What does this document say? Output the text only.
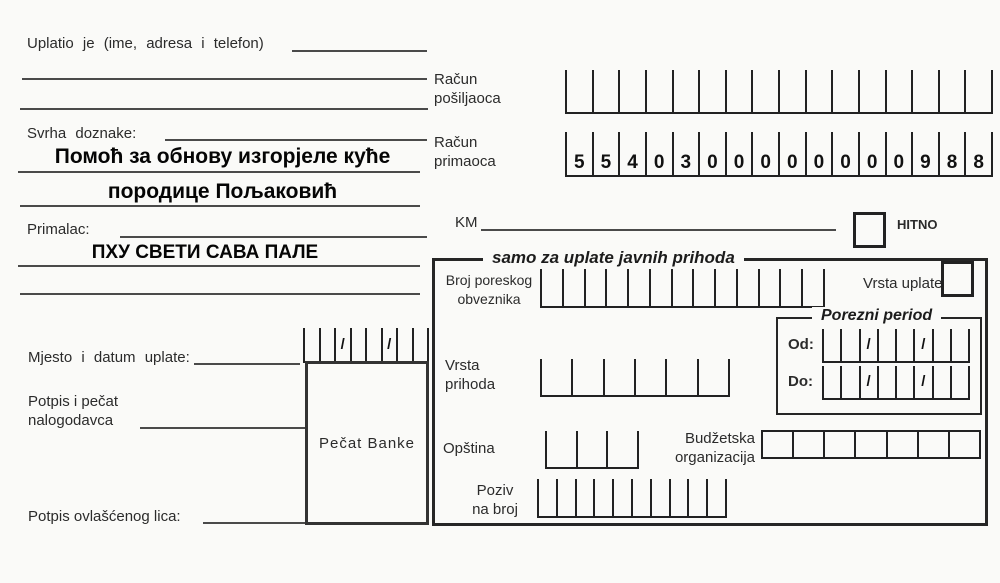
Uplatio je (ime, adresa i telefon)
Svrha doznake:
Помоћ за обнову изгорјеле куће
породице Пољаковић
Primalac:
ПХУ СВЕТИ САВА ПАЛЕ
Račun
pošiljaoca
Račun
primaoca	5 5 4 0 3 0 0 0 0 0 0 0 0 9 8 8
KM	HITNO
samo za uplate javnih prihoda
Broj poreskog
obveznika
Vrsta uplate
Porezni period
Od:	/	/
Do:	/	/
Vrsta
prihoda
Opština
Budžetska
organizacija
Poziv
na broj
/	/
Mjesto i datum uplate:
Potpis i pečat
nalogodavca
Pečat Banke
Potpis ovlašćenog lica:
